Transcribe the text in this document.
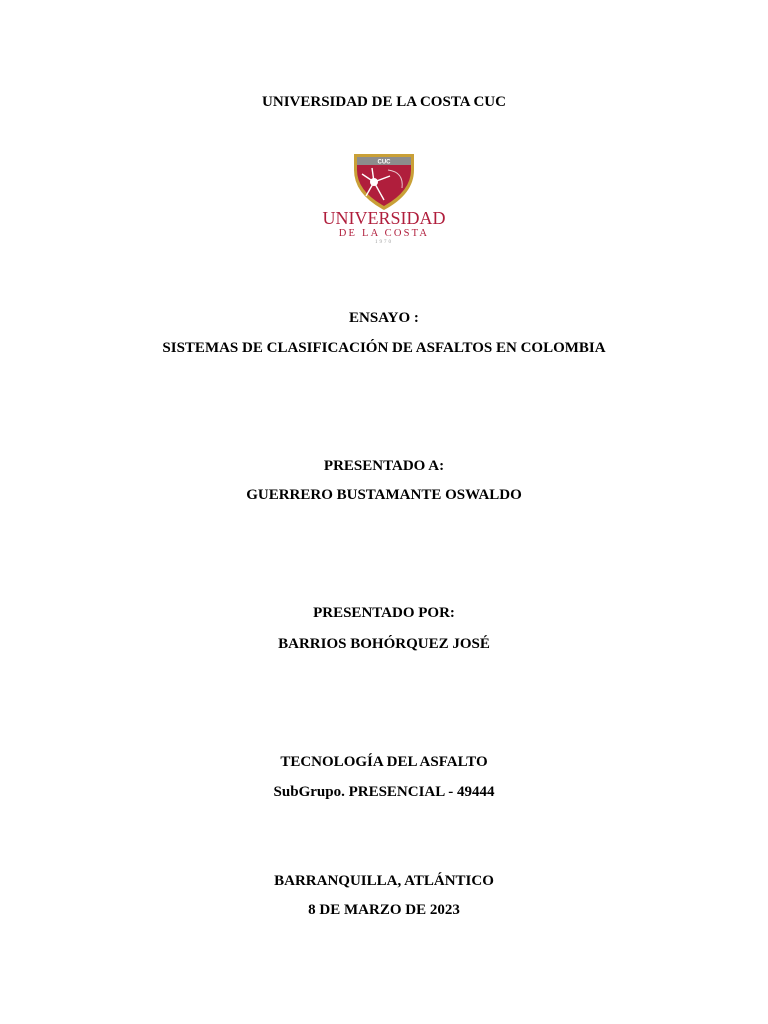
UNIVERSIDAD DE LA COSTA CUC
CUC
UNIVERSIDAD
DE LA COSTA
1970
ENSAYO :
SISTEMAS DE CLASIFICACIÓN DE ASFALTOS EN COLOMBIA
PRESENTADO A:
GUERRERO BUSTAMANTE OSWALDO
PRESENTADO POR:
BARRIOS BOHÓRQUEZ JOSÉ
TECNOLOGÍA DEL ASFALTO
SubGrupo. PRESENCIAL - 49444
BARRANQUILLA, ATLÁNTICO
8 DE MARZO DE 2023
